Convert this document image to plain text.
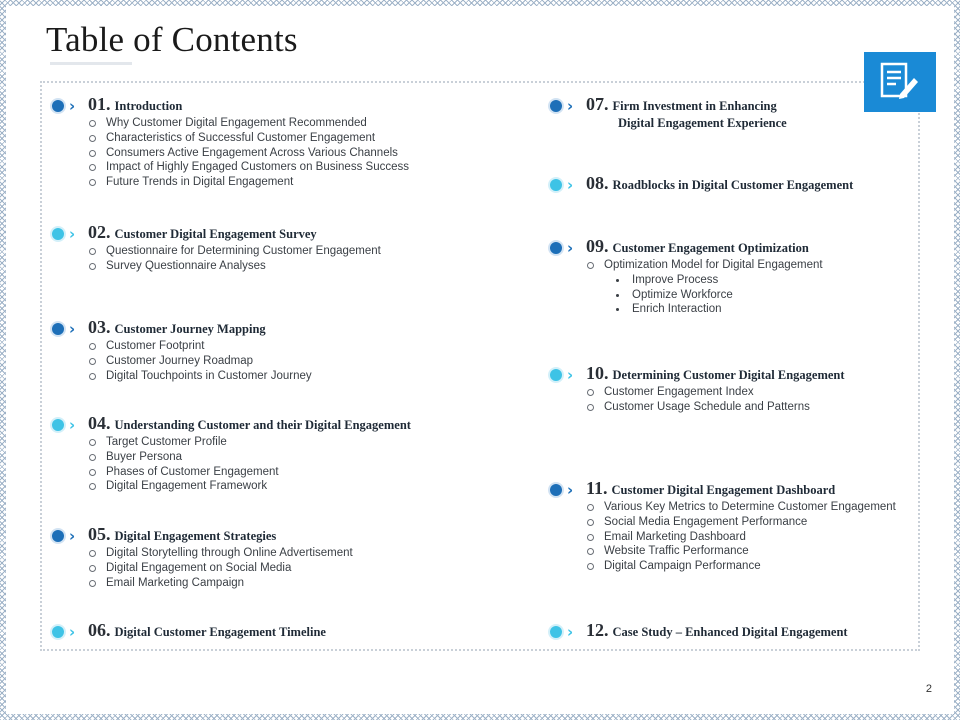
Table of Contents
› 01. Introduction
Why Customer Digital Engagement Recommended
Characteristics of Successful Customer Engagement
Consumers Active Engagement Across Various Channels
Impact of Highly Engaged Customers on Business Success
Future Trends in Digital Engagement
› 02. Customer Digital Engagement Survey
Questionnaire for Determining Customer Engagement
Survey Questionnaire Analyses
› 03. Customer Journey Mapping
Customer Footprint
Customer Journey Roadmap
Digital Touchpoints in Customer Journey
› 04. Understanding Customer and their Digital Engagement
Target Customer Profile
Buyer Persona
Phases of Customer Engagement
Digital Engagement Framework
› 05. Digital Engagement Strategies
Digital Storytelling through Online Advertisement
Digital Engagement on Social Media
Email Marketing Campaign
› 06. Digital Customer Engagement Timeline
› 07. Firm Investment in Enhancing
Digital Engagement Experience
› 08. Roadblocks in Digital Customer Engagement
› 09. Customer Engagement Optimization
Optimization Model for Digital Engagement
Improve Process
Optimize Workforce
Enrich Interaction
› 10. Determining Customer Digital Engagement
Customer Engagement Index
Customer Usage Schedule and Patterns
› 11. Customer Digital Engagement Dashboard
Various Key Metrics to Determine Customer Engagement
Social Media Engagement Performance
Email Marketing Dashboard
Website Traffic Performance
Digital Campaign Performance
› 12. Case Study – Enhanced Digital Engagement
2
